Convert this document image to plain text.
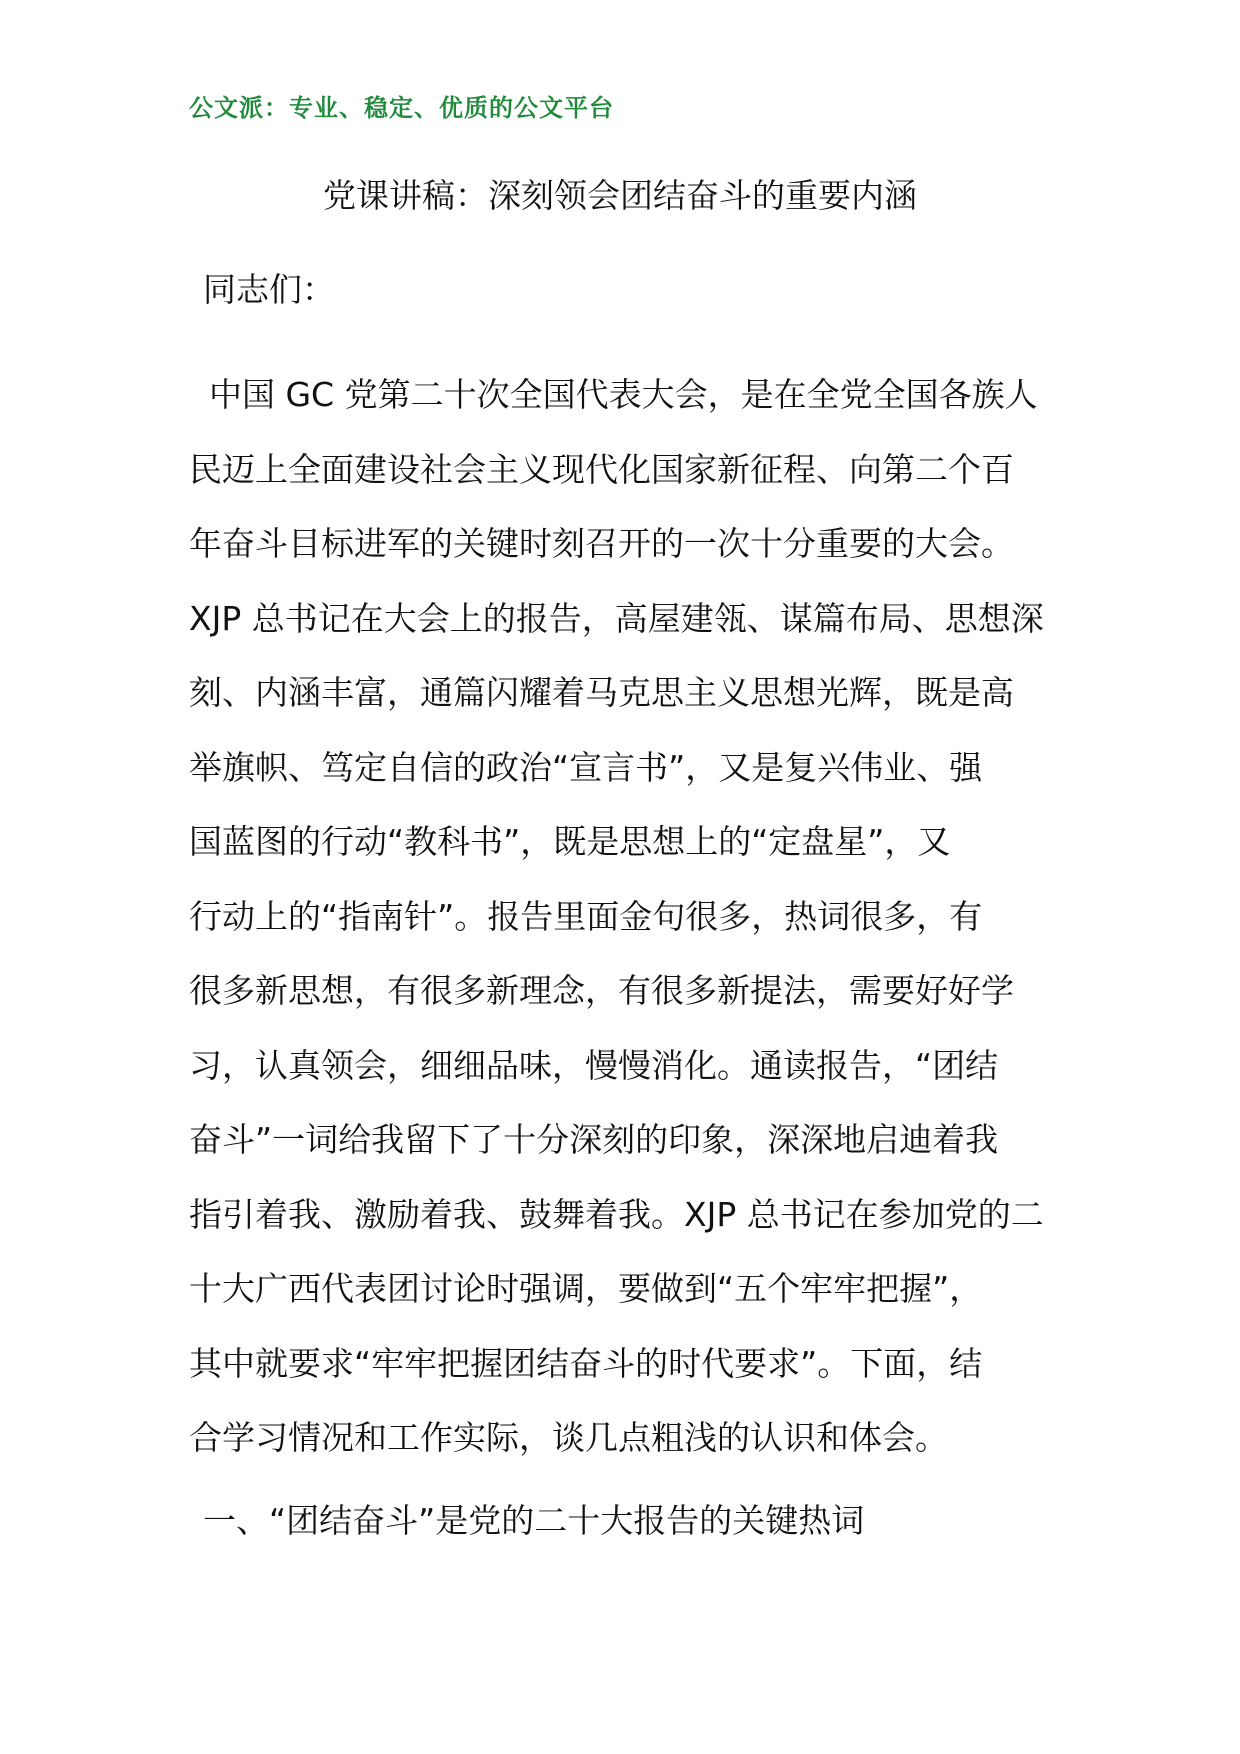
公文派：专业、稳定、优质的公文平台
党课讲稿：深刻领会团结奋斗的重要内涵
同志们：
中国 GC 党第二十次全国代表大会，是在全党全国各族人
民迈上全面建设社会主义现代化国家新征程、向第二个百
年奋斗目标进军的关键时刻召开的一次十分重要的大会。
XJP 总书记在大会上的报告，高屋建瓴、谋篇布局、思想深
刻、内涵丰富，通篇闪耀着马克思主义思想光辉，既是高
举旗帜、笃定自信的政治“宣言书”，又是复兴伟业、强
国蓝图的行动“教科书”，既是思想上的“定盘星”，又
行动上的“指南针”。报告里面金句很多，热词很多，有
很多新思想，有很多新理念，有很多新提法，需要好好学
习，认真领会，细细品味，慢慢消化。通读报告，“团结
奋斗”一词给我留下了十分深刻的印象，深深地启迪着我
指引着我、激励着我、鼓舞着我。XJP 总书记在参加党的二
十大广西代表团讨论时强调，要做到“五个牢牢把握”，
其中就要求“牢牢把握团结奋斗的时代要求”。下面，结
合学习情况和工作实际，谈几点粗浅的认识和体会。
一、“团结奋斗”是党的二十大报告的关键热词
